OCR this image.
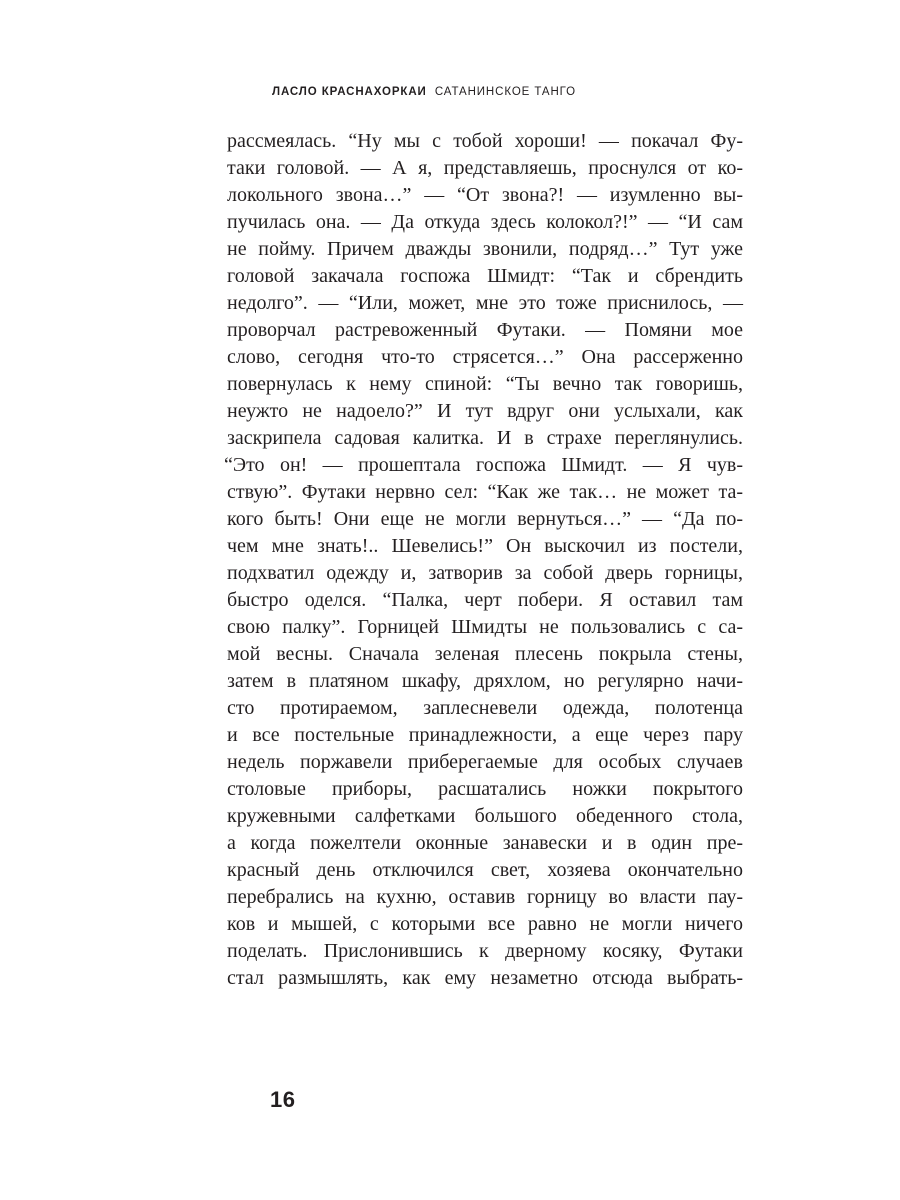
ЛАСЛО КРАСНАХОРКАИ САТАНИНСКОЕ ТАНГО
рассмеялась. “Ну мы с тобой хороши! — покачал Фу-
таки головой. — А я, представляешь, проснулся от ко-
локольного звона…” — “От звона?! — изумленно вы-
пучилась она. — Да откуда здесь колокол?!” — “И сам
не пойму. Причем дважды звонили, подряд…” Тут уже
головой закачала госпожа Шмидт: “Так и сбрендить
недолго”. — “Или, может, мне это тоже приснилось, —
проворчал растревоженный Футаки. — Помяни мое
слово, сегодня что-то стрясется…” Она рассерженно
повернулась к нему спиной: “Ты вечно так говоришь,
неужто не надоело?” И тут вдруг они услыхали, как
заскрипела садовая калитка. И в страхе переглянулись.
“Это он! — прошептала госпожа Шмидт. — Я чув-
ствую”. Футаки нервно сел: “Как же так… не может та-
кого быть! Они еще не могли вернуться…” — “Да по-
чем мне знать!.. Шевелись!” Он выскочил из постели,
подхватил одежду и, затворив за собой дверь горницы,
быстро оделся. “Палка, черт побери. Я оставил там
свою палку”. Горницей Шмидты не пользовались с са-
мой весны. Сначала зеленая плесень покрыла стены,
затем в платяном шкафу, дряхлом, но регулярно начи-
сто протираемом, заплесневели одежда, полотенца
и все постельные принадлежности, а еще через пару
недель поржавели приберегаемые для особых случаев
столовые приборы, расшатались ножки покрытого
кружевными салфетками большого обеденного стола,
а когда пожелтели оконные занавески и в один пре-
красный день отключился свет, хозяева окончательно
перебрались на кухню, оставив горницу во власти пау-
ков и мышей, с которыми все равно не могли ничего
поделать. Прислонившись к дверному косяку, Футаки
стал размышлять, как ему незаметно отсюда выбрать-
16
